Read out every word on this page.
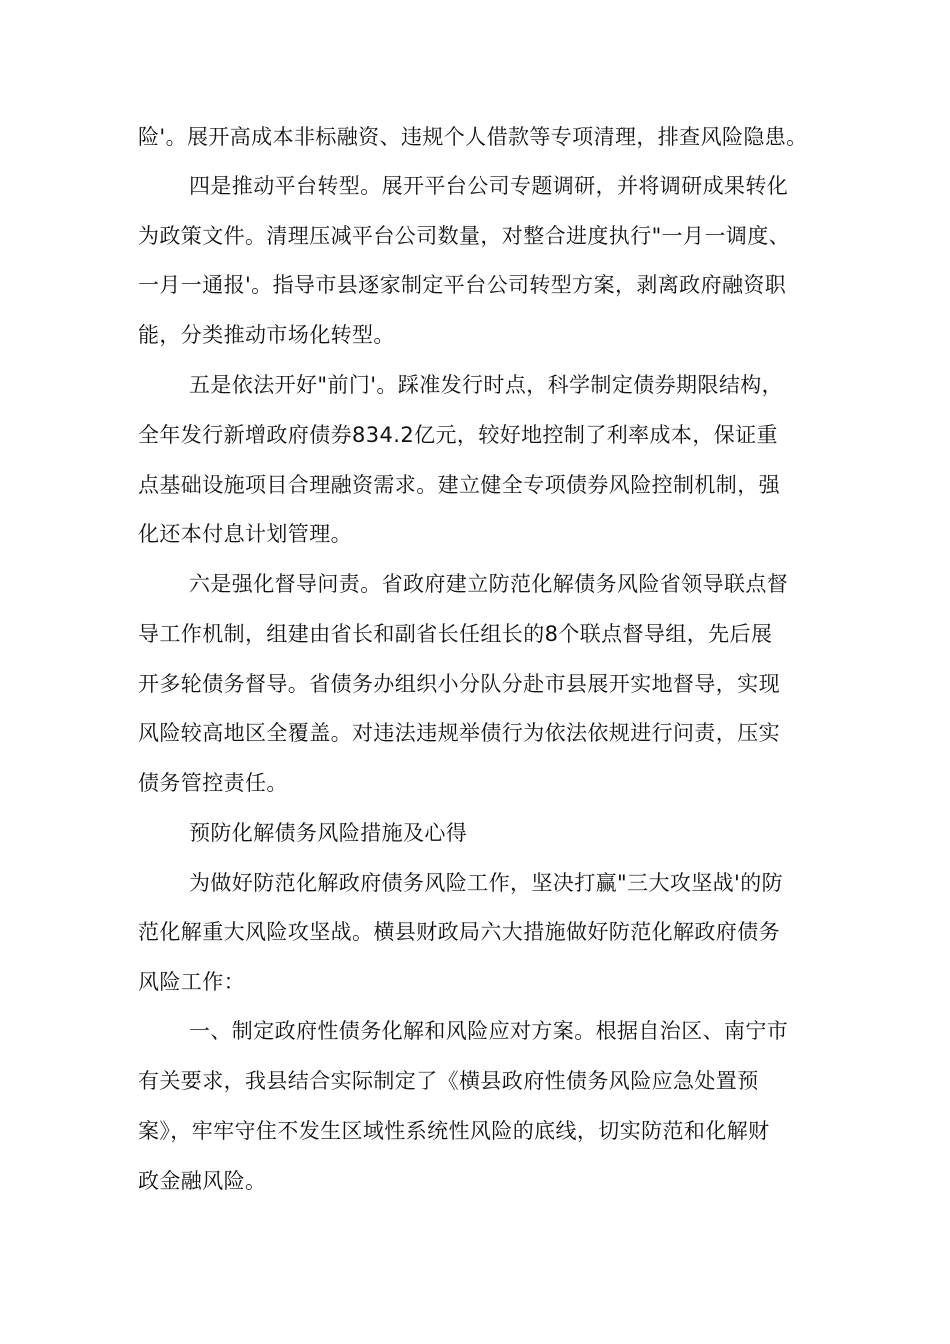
险'。展开高成本非标融资、违规个人借款等专项清理，排查风险隐患。
四是推动平台转型。展开平台公司专题调研，并将调研成果转化
为政策文件。清理压减平台公司数量，对整合进度执行"一月一调度、
一月一通报'。指导市县逐家制定平台公司转型方案，剥离政府融资职
能，分类推动市场化转型。
五是依法开好"前门'。踩准发行时点，科学制定债券期限结构，
全年发行新增政府债券834.2亿元，较好地控制了利率成本，保证重
点基础设施项目合理融资需求。建立健全专项债券风险控制机制，强
化还本付息计划管理。
六是强化督导问责。省政府建立防范化解债务风险省领导联点督
导工作机制，组建由省长和副省长任组长的8个联点督导组，先后展
开多轮债务督导。省债务办组织小分队分赴市县展开实地督导，实现
风险较高地区全覆盖。对违法违规举债行为依法依规进行问责，压实
债务管控责任。
预防化解债务风险措施及心得
为做好防范化解政府债务风险工作，坚决打赢"三大攻坚战'的防
范化解重大风险攻坚战。横县财政局六大措施做好防范化解政府债务
风险工作：
一、制定政府性债务化解和风险应对方案。根据自治区、南宁市
有关要求，我县结合实际制定了《横县政府性债务风险应急处置预
案》，牢牢守住不发生区域性系统性风险的底线，切实防范和化解财
政金融风险。
